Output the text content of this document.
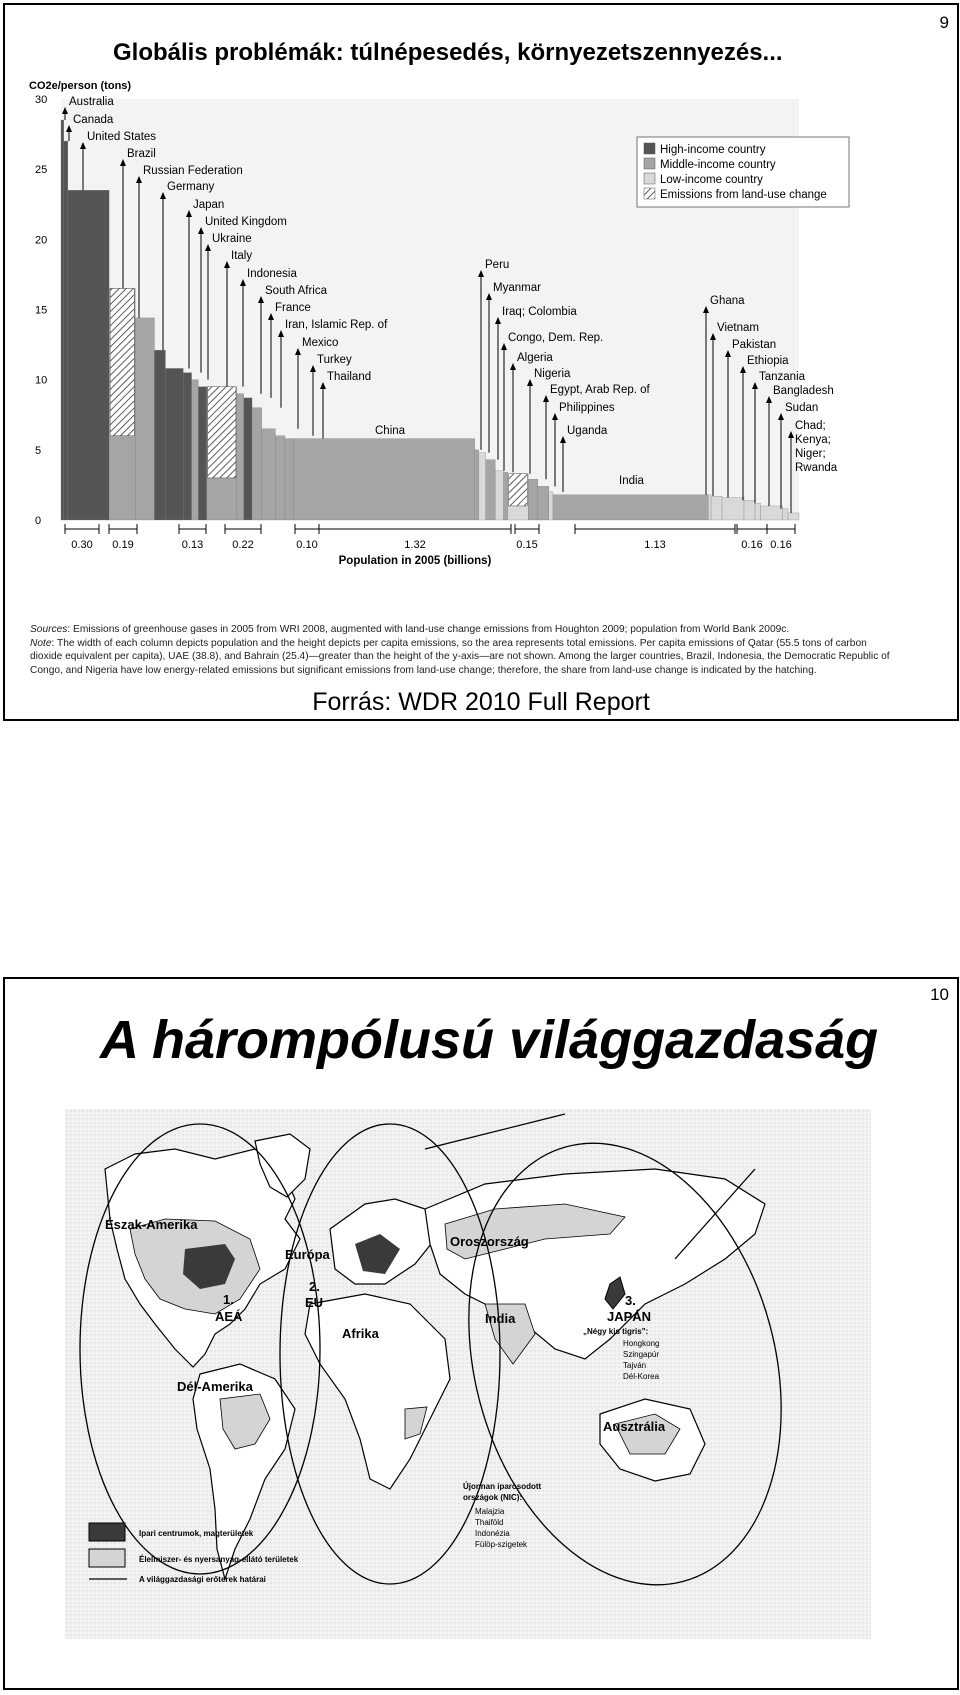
9
Globális problémák: túlnépesedés, környezetszennyezés...
CO2e/person (tons)
0
5
10
15
20
25
30 Australia
Canada
United States
Brazil
Russian Federation
Germany
Japan
United Kingdom
Ukraine
Italy
Indonesia
South Africa
France
Iran, Islamic Rep. of
Mexico
Turkey
Thailand
China
Peru
Myanmar
Iraq; Colombia
Congo, Dem. Rep.
Algeria
Nigeria
Egypt, Arab Rep. of
Philippines
Uganda
India
Ghana
Vietnam
Pakistan
Ethiopia
Tanzania
Bangladesh
Sudan
Chad;
Kenya;
Niger;
Rwanda
0.30 0.19	0.13	0.22	0.10	1.32	0.15	1.13	0.16 0.16
Population in 2005 (billions)
High-income country
Middle-income country
Low-income country
Emissions from land-use change
Sources: Emissions of greenhouse gases in 2005 from WRI 2008, augmented with land-use change emissions from Houghton 2009; population from World Bank 2009c.
Note: The width of each column depicts population and the height depicts per capita emissions, so the area represents total emissions. Per capita emissions of Qatar (55.5 tons of carbon dioxide equivalent per capita), UAE (38.8), and Bahrain (25.4)—greater than the height of the y-axis—are not shown. Among the larger countries, Brazil, Indonesia, the Democratic Republic of Congo, and Nigeria have low energy-related emissions but significant emissions from land-use change; therefore, the share from land-use change is indicated by the hatching.
Forrás: WDR 2010 Full Report
10
A hárompólusú világgazdaság
Észak-Amerika
Dél-Amerika
Európa
Afrika
Oroszország
India
Ausztrália
1.
AEÁ
2.
EU	3.
JAPÁN
„Négy kis tigris":
Hongkong
Szingapúr
Tajván
Dél-Korea
Újonnan iparosodott
országok (NIC):
Malajzia
Thaiföld
Indonézia
Fülöp-szigetek
Ipari centrumok, magterületek
Élelmiszer- és nyersanyag-ellátó területek
A világgazdasági erőterek határai
